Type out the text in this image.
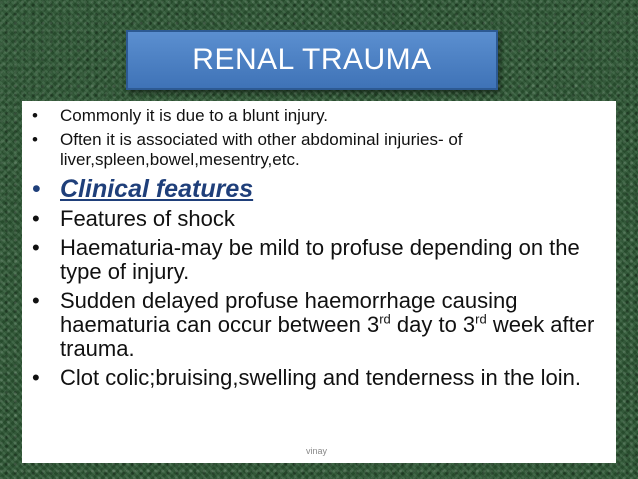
RENAL TRAUMA
• Commonly it is due to a blunt injury.
• Often it is associated with other abdominal injuries- of liver,spleen,bowel,mesentry,etc.
• Clinical features
• Features of shock
• Haematuria-may be mild to profuse depending on the type of injury.
• Sudden delayed profuse haemorrhage causing haematuria can occur between 3rd day to 3rd week after trauma.
• Clot colic;bruising,swelling and tenderness in the loin.
vinay
